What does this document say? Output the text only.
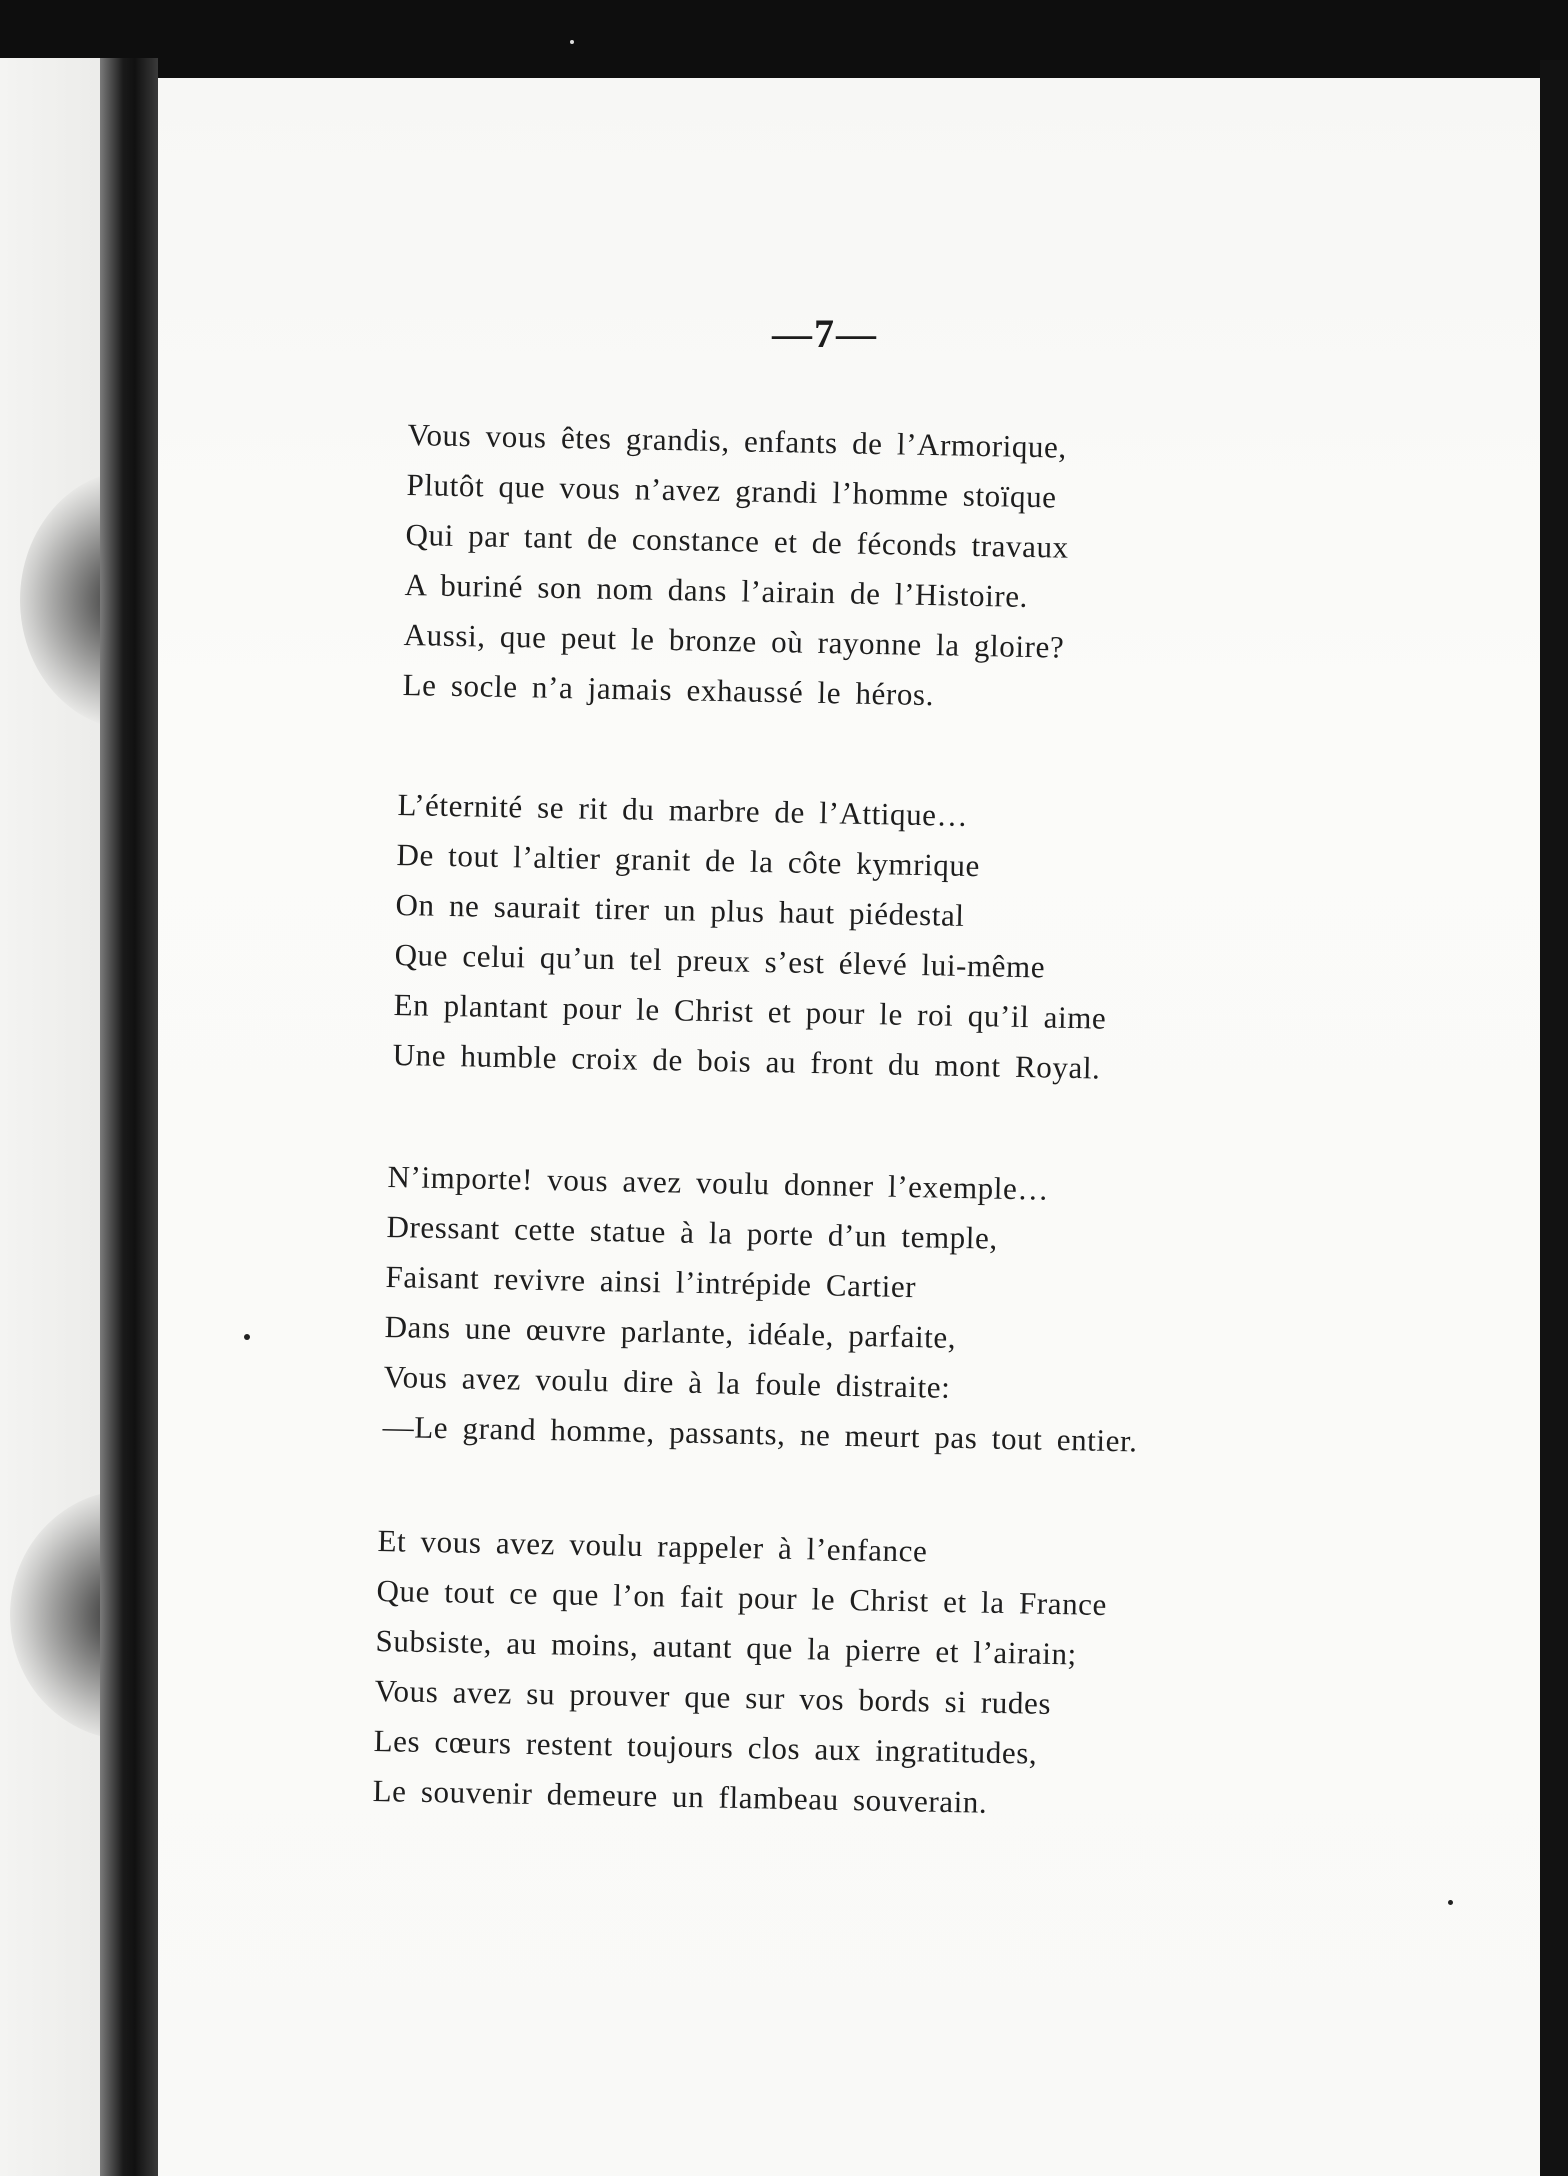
—7—
Vous vous êtes grandis, enfants de l’Armorique,
Plutôt que vous n’avez grandi l’homme stoïque
Qui par tant de constance et de féconds travaux
A buriné son nom dans l’airain de l’Histoire.
Aussi, que peut le bronze où rayonne la gloire?
Le socle n’a jamais exhaussé le héros.
L’éternité se rit du marbre de l’Attique…
De tout l’altier granit de la côte kymrique
On ne saurait tirer un plus haut piédestal
Que celui qu’un tel preux s’est élevé lui-même
En plantant pour le Christ et pour le roi qu’il aime
Une humble croix de bois au front du mont Royal.
N’importe! vous avez voulu donner l’exemple…
Dressant cette statue à la porte d’un temple,
Faisant revivre ainsi l’intrépide Cartier
Dans une œuvre parlante, idéale, parfaite,
Vous avez voulu dire à la foule distraite:
—Le grand homme, passants, ne meurt pas tout entier.
Et vous avez voulu rappeler à l’enfance
Que tout ce que l’on fait pour le Christ et la France
Subsiste, au moins, autant que la pierre et l’airain;
Vous avez su prouver que sur vos bords si rudes
Les cœurs restent toujours clos aux ingratitudes,
Le souvenir demeure un flambeau souverain.
